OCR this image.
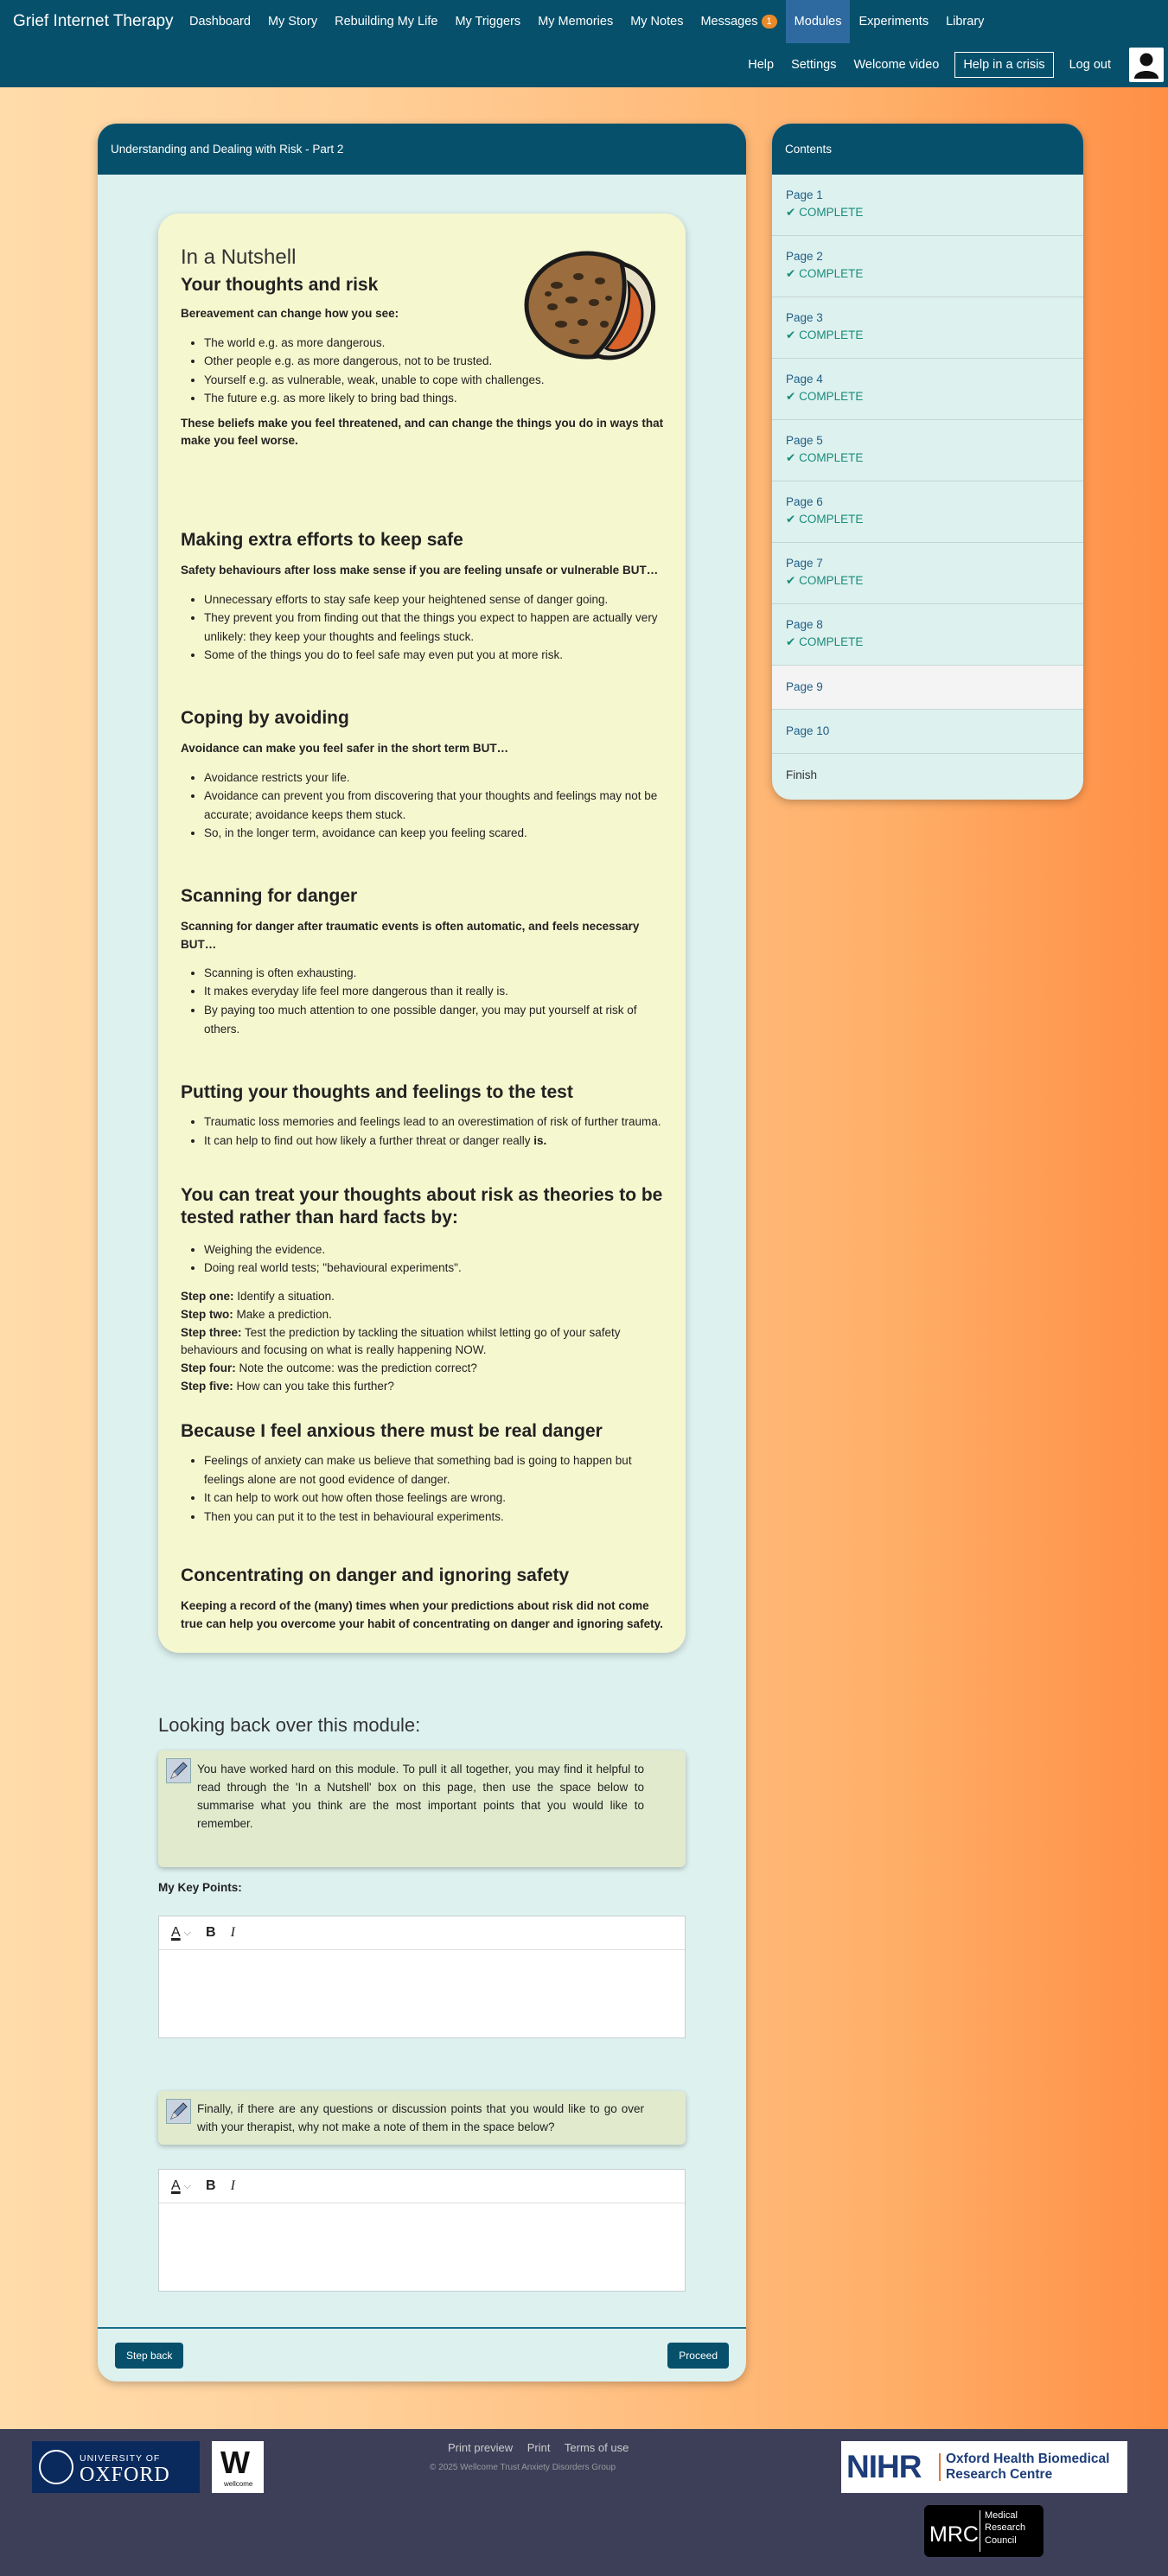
Grief Internet Therapy Dashboard My Story Rebuilding My Life My Triggers My Memories My Notes Messages 1	Modules Experiments Library
Help	Settings	Welcome video	Help in a crisis	Log out
Understanding and Dealing with Risk - Part 2
In a Nutshell
Your thoughts and risk

Bereavement can change how you see:

• The world e.g. as more dangerous.
• Other people e.g. as more dangerous, not to be trusted.
• Yourself e.g. as vulnerable, weak, unable to cope with challenges.
• The future e.g. as more likely to bring bad things.

These beliefs make you feel threatened, and can change the things you do in ways that make you feel worse.

Making extra efforts to keep safe

Safety behaviours after loss make sense if you are feeling unsafe or vulnerable BUT…

• Unnecessary efforts to stay safe keep your heightened sense of danger going.
• They prevent you from finding out that the things you expect to happen are actually very unlikely: they keep your thoughts and feelings stuck.
• Some of the things you do to feel safe may even put you at more risk.
Coping by avoiding

Avoidance can make you feel safer in the short term BUT…

• Avoidance restricts your life.
• Avoidance can prevent you from discovering that your thoughts and feelings may not be accurate; avoidance keeps them stuck.
• So, in the longer term, avoidance can keep you feeling scared.
Scanning for danger

Scanning for danger after traumatic events is often automatic, and feels necessary BUT…

• Scanning is often exhausting.
• It makes everyday life feel more dangerous than it really is.
• By paying too much attention to one possible danger, you may put yourself at risk of others.
Putting your thoughts and feelings to the test
• Traumatic loss memories and feelings lead to an overestimation of risk of further trauma.
• It can help to find out how likely a further threat or danger really is.
You can treat your thoughts about risk as theories to be tested rather than hard facts by:
• Weighing the evidence.
• Doing real world tests; "behavioural experiments".
Step one: Identify a situation.
Step two: Make a prediction.
Step three: Test the prediction by tackling the situation whilst letting go of your safety behaviours and focusing on what is really happening NOW.
Step four: Note the outcome: was the prediction correct?
Step five: How can you take this further?
Because I feel anxious there must be real danger
• Feelings of anxiety can make us believe that something bad is going to happen but feelings alone are not good evidence of danger.
• It can help to work out how often those feelings are wrong.
• Then you can put it to the test in behavioural experiments.
Concentrating on danger and ignoring safety

Keeping a record of the (many) times when your predictions about risk did not come true can help you overcome your habit of concentrating on danger and ignoring safety.

Looking back over this module:
You have worked hard on this module. To pull it all together, you may find it helpful to read through the 'In a Nutshell' box on this page, then use the space below to summarise what you think are the most important points that you would like to remember.
My Key Points:
A ⌵ B I
Finally, if there are any questions or discussion points that you would like to go over with your therapist, why not make a note of them in the space below?
A ⌵ B I
Step back	Proceed
Contents
Page 1
✔ COMPLETE
Page 2
✔ COMPLETE
Page 3
✔ COMPLETE
Page 4
✔ COMPLETE
Page 5
✔ COMPLETE
Page 6
✔ COMPLETE
Page 7
✔ COMPLETE
Page 8
✔ COMPLETE
Page 9
Page 10
Finish
UNIVERSITY OF
OXFORD W
wellcome
Print preview Print Terms of use
© 2025 Wellcome Trust Anxiety Disorders Group	NIHR Oxford Health Biomedical
Research Centre
MRC
Medical
Research
Council
